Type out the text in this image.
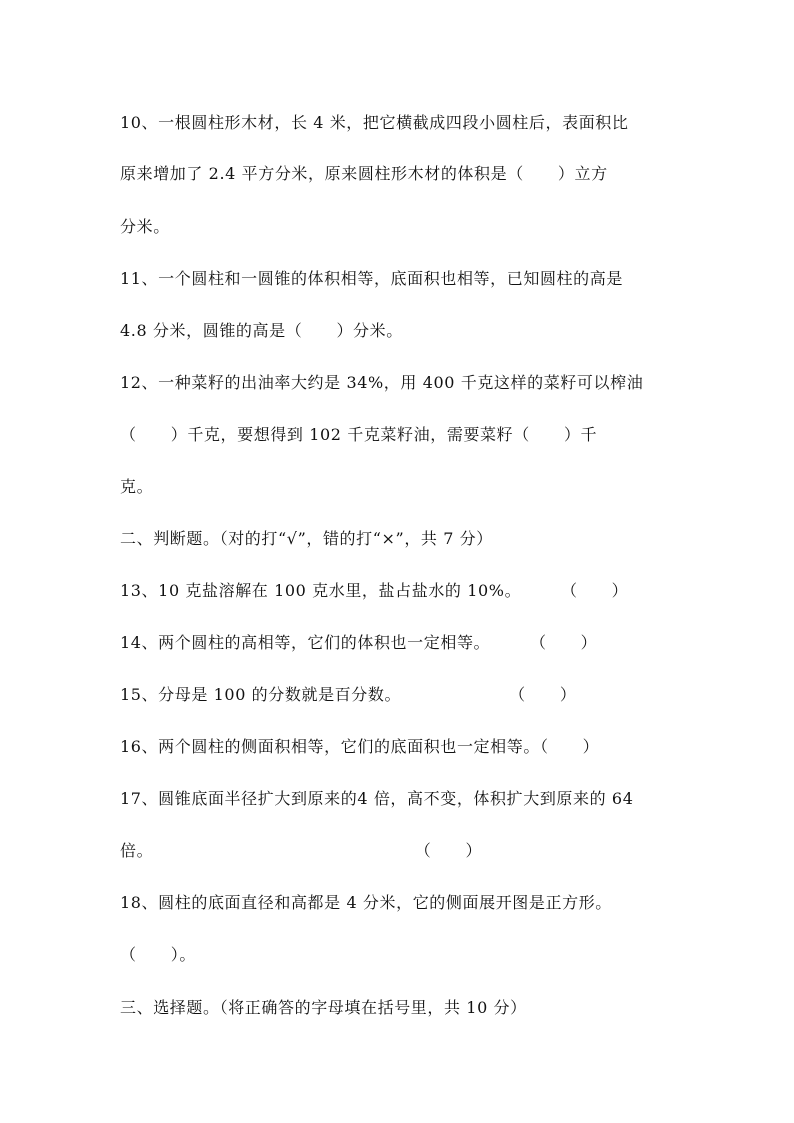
10、一根圆柱形木材，长 4 米，把它横截成四段小圆柱后，表面积比
原来增加了 2.4 平方分米，原来圆柱形木材的体积是（      ）立方
分米。
11、一个圆柱和一圆锥的体积相等，底面积也相等，已知圆柱的高是
4.8 分米，圆锥的高是（      ）分米。
12、一种菜籽的出油率大约是 34%，用 400 千克这样的菜籽可以榨油
（      ）千克，要想得到 102 千克菜籽油，需要菜籽（      ）千
克。
二、判断题。（对的打“√”，错的打“×”，共 7 分）
13、10 克盐溶解在 100 克水里，盐占盐水的 10%。       （      ）
14、两个圆柱的高相等，它们的体积也一定相等。       （      ）
15、分母是 100 的分数就是百分数。                   （      ）
16、两个圆柱的侧面积相等，它们的底面积也一定相等。（      ）
17、圆锥底面半径扩大到原来的4 倍，高不变，体积扩大到原来的 64
倍。                                              （      ）
18、圆柱的底面直径和高都是 4 分米，它的侧面展开图是正方形。
（      ）。
三、选择题。（将正确答的字母填在括号里，共 10 分）
